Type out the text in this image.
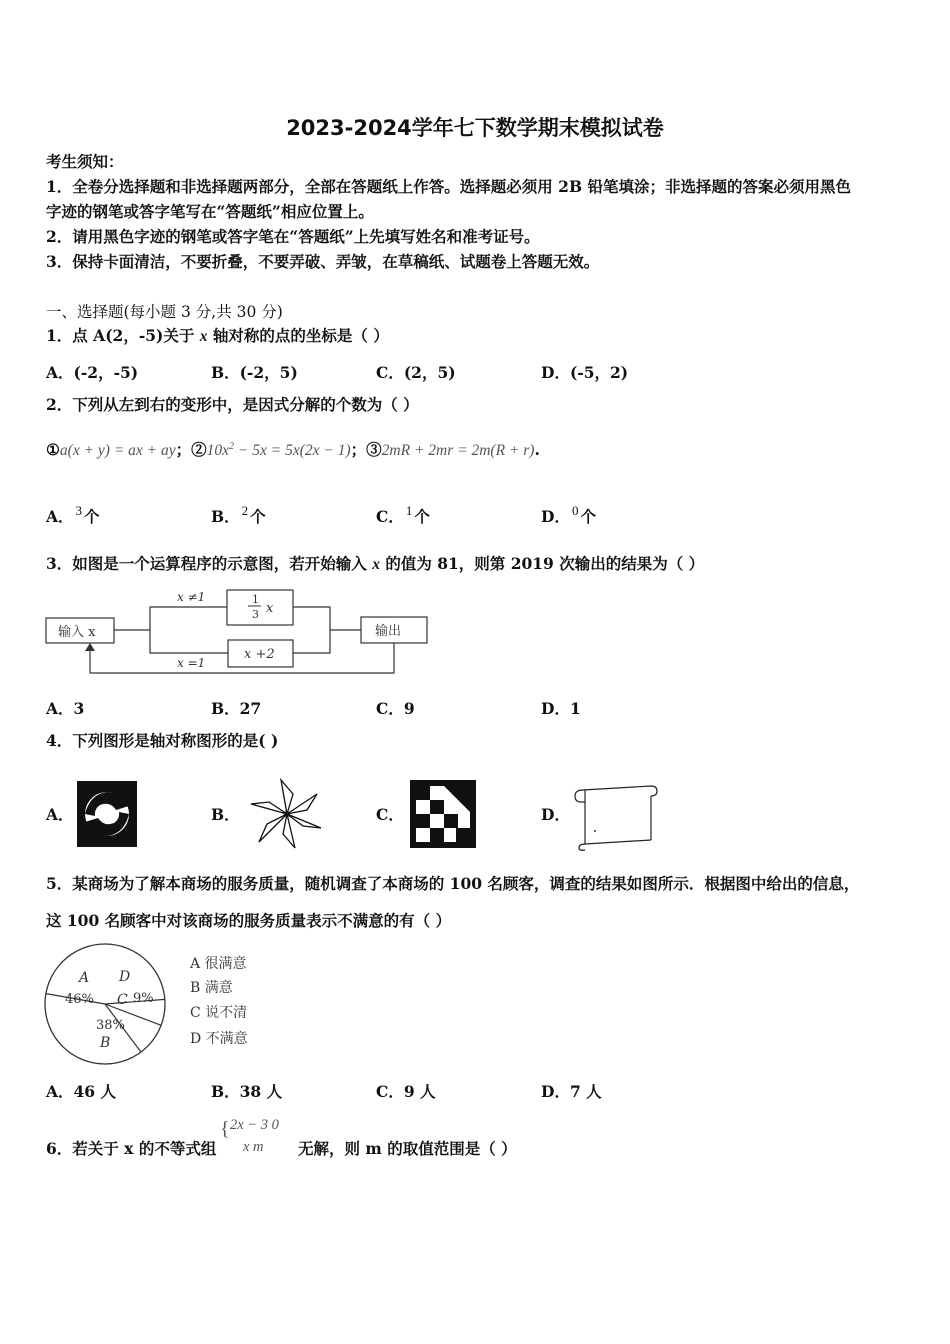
2023-2024学年七下数学期末模拟试卷
考生须知：
1．全卷分选择题和非选择题两部分，全部在答题纸上作答。选择题必须用 2B 铅笔填涂；非选择题的答案必须用黑色
字迹的钢笔或答字笔写在“答题纸”相应位置上。
2．请用黑色字迹的钢笔或答字笔在“答题纸”上先填写姓名和准考证号。
3．保持卡面清洁，不要折叠，不要弄破、弄皱，在草稿纸、试题卷上答题无效。
一、选择题(每小题 3 分,共 30 分)
1．点 A(2，-5)关于 x 轴对称的点的坐标是（ ）
A．(-2，-5)	B．(-2，5)	C．(2，5)	D．(-5，2)
2．下列从左到右的变形中，是因式分解的个数为（ ）
①a(x + y) = ax + ay；$②10x^2 - 5x = 5x(2x - 1)$；③2mR + 2mr = 2m(R + r).
A． $^3$ 个	B． $^2$ 个	C． $^1$ 个	D． $^0$ 个
3．如图是一个运算程序的示意图，若开始输入 x 的值为 81，则第 2019 次输出的结果为（ ）
输入 x	输出
x ≠1
x =1
1
3 x
x +2
A．3	B．27	C．9	D．1
4．下列图形是轴对称图形的是( )
A．	B．	C．	D．
5．某商场为了解本商场的服务质量，随机调查了本商场的 100 名顾客，调查的结果如图所示．根据图中给出的信息，
这 100 名顾客中对该商场的服务质量表示不满意的有（ ）
A
46%
D
C 9%
38%
B
A 很满意
B 满意
C 说不清
D 不满意
A．46 人	B．38 人	C．9 人	D．7 人
6．若关于 x 的不等式组
{ 2x − 3 0
x m 无解，则 m 的取值范围是（ ）
